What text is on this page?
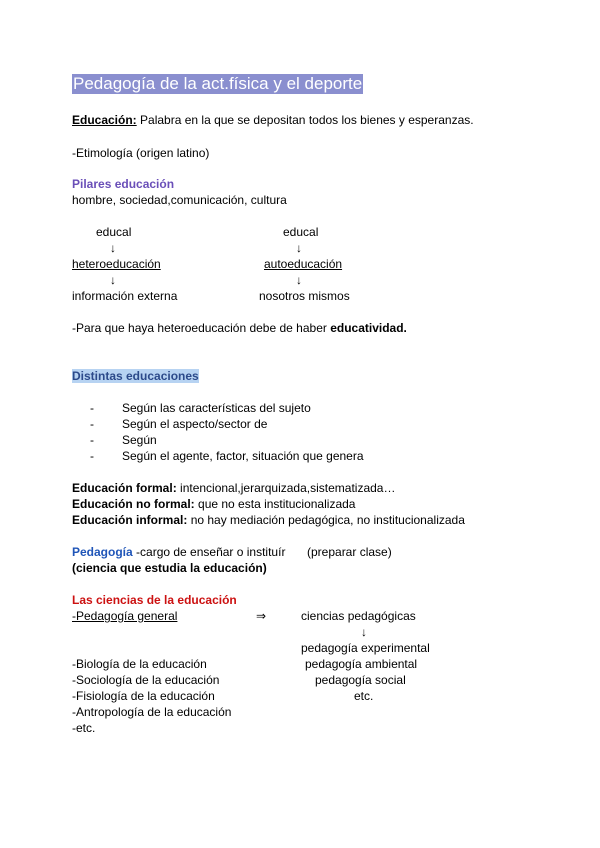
Pedagogía de la act.física y el deporte
Educación: Palabra en la que se depositan todos los bienes y esperanzas.
-Etimología (origen latino)
Pilares educación
hombre, sociedad,comunicación, cultura
educal	educal
↓	↓
heteroeducación	autoeducación
↓	↓
información externa	nosotros mismos
-Para que haya heteroeducación debe de haber educatividad.
Distintas educaciones
- Según las características del sujeto
- Según el aspecto/sector de
- Según
- Según el agente, factor, situación que genera
Educación formal: intencional,jerarquizada,sistematizada…
Educación no formal: que no esta institucionalizada
Educación informal: no hay mediación pedagógica, no institucionalizada
Pedagogía -cargo de enseñar o instituír (preparar clase)
(ciencia que estudia la educación)
Las ciencias de la educación
-Pedagogía general	⇒	ciencias pedagógicas
↓
-Biología de la educación
-Sociología de la educación
-Fisiología de la educación
-Antropología de la educación
-etc.
pedagogía experimental
pedagogía ambiental
pedagogía social
etc.
